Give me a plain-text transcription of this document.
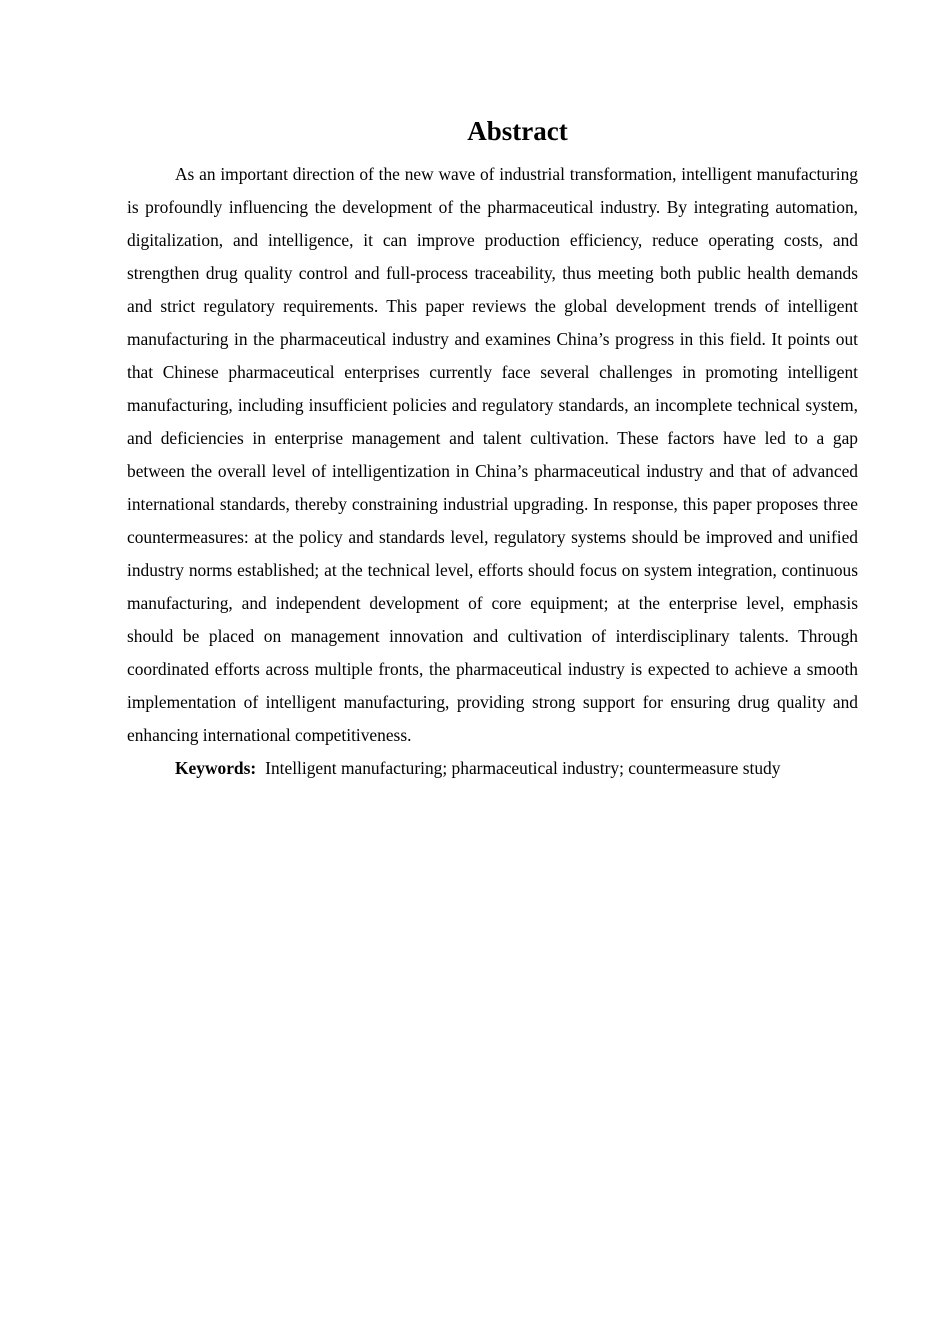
Abstract

As an important direction of the new wave of industrial transformation, intelligent manufacturing is profoundly influencing the development of the pharmaceutical industry. By integrating automation, digitalization, and intelligence, it can improve production efficiency, reduce operating costs, and strengthen drug quality control and full-process traceability, thus meeting both public health demands and strict regulatory requirements. This paper reviews the global development trends of intelligent manufacturing in the pharmaceutical industry and examines China’s progress in this field. It points out that Chinese pharmaceutical enterprises currently face several challenges in promoting intelligent manufacturing, including insufficient policies and regulatory standards, an incomplete technical system, and deficiencies in enterprise management and talent cultivation. These factors have led to a gap between the overall level of intelligentization in China’s pharmaceutical industry and that of advanced international standards, thereby constraining industrial upgrading. In response, this paper proposes three countermeasures: at the policy and standards level, regulatory systems should be improved and unified industry norms established; at the technical level, efforts should focus on system integration, continuous manufacturing, and independent development of core equipment; at the enterprise level, emphasis should be placed on management innovation and cultivation of interdisciplinary talents. Through coordinated efforts across multiple fronts, the pharmaceutical industry is expected to achieve a smooth implementation of intelligent manufacturing, providing strong support for ensuring drug quality and enhancing international competitiveness.

Keywords: Intelligent manufacturing; pharmaceutical industry; countermeasure study
